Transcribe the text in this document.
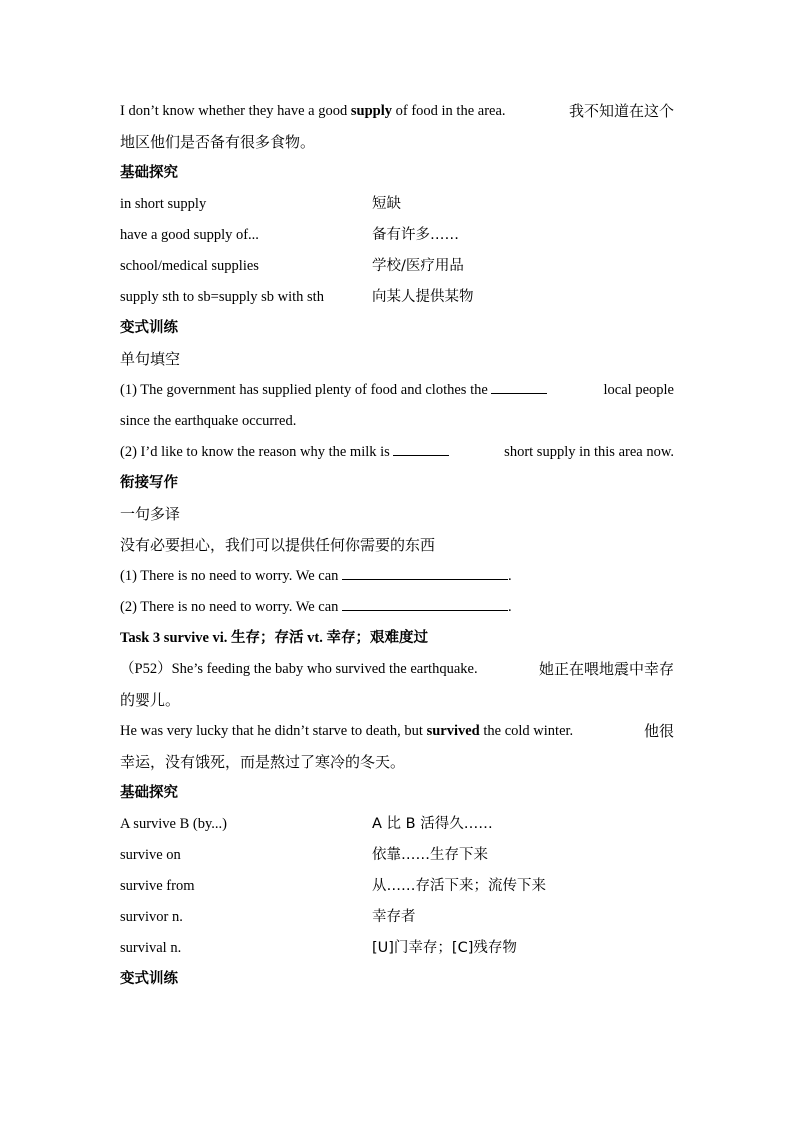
I don’t know whether they have a good supply of food in the area.	我不知道在这个
地区他们是否备有很多食物。
基础探究
in short supply	短缺
have a good supply of...	备有许多……
school/medical supplies	学校/医疗用品
supply sth to sb=supply sb with sth	向某人提供某物
变式训练
单句填空
(1) The government has supplied plenty of food and clothes the	local people
since the earthquake occurred.
(2) I’d like to know the reason why the milk is	short supply in this area now.
衔接写作
一句多译
没有必要担心，我们可以提供任何你需要的东西
(1) There is no need to worry. We can	.
(2) There is no need to worry. We can	.
Task 3 survive vi. 生存；存活 vt. 幸存；艰难度过
（P52）She’s feeding the baby who survived the earthquake.	她正在喂地震中幸存
的婴儿。
He was very lucky that he didn’t starve to death, but survived the cold winter.	他很
幸运，没有饿死，而是熬过了寒冷的冬天。
基础探究
A survive B (by...)	A 比 B 活得久……
survive on	依靠……生存下来
survive from	从……存活下来；流传下来
survivor n.	幸存者
survival n.	[U]门幸存；[C]残存物
变式训练
